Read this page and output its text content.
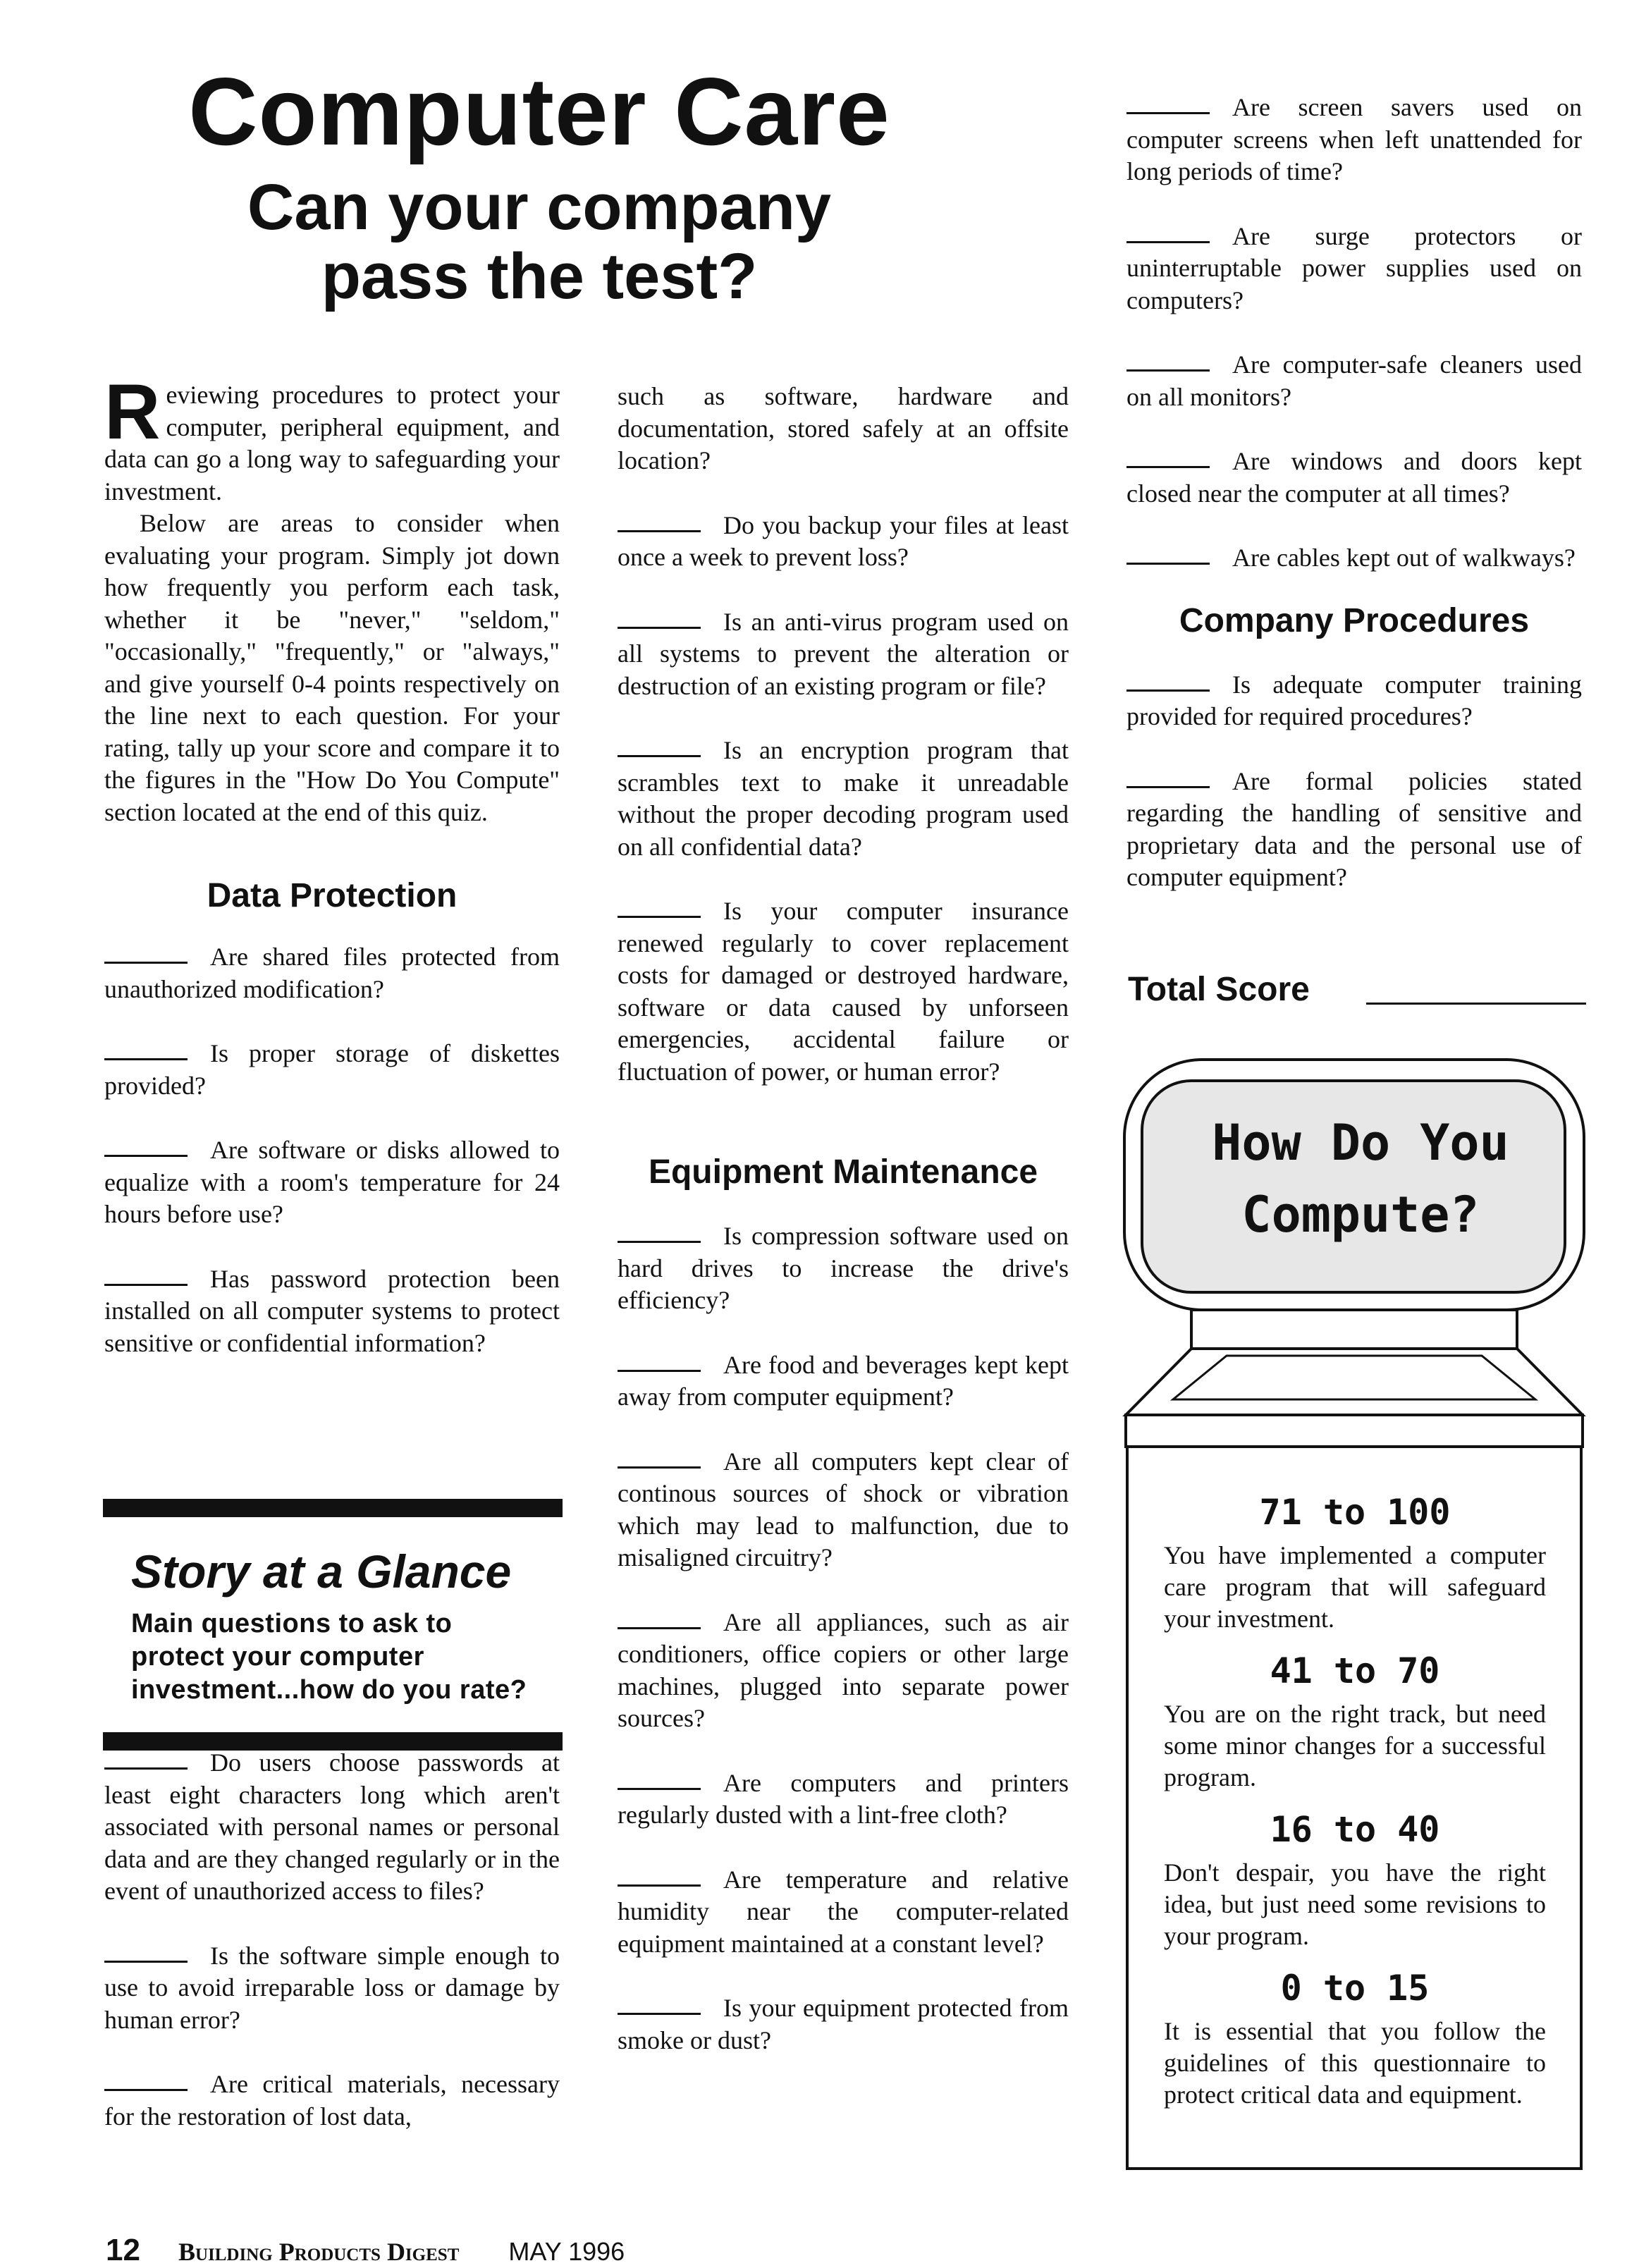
Computer Care
Can your company
pass the test?
Reviewing procedures to protect your computer, peripheral equipment, and data can go a long way to safeguarding your investment.
Below are areas to consider when evaluating your program. Simply jot down how frequently you perform each task, whether it be "never," "seldom," "occasionally," "frequently," or "always," and give yourself 0-4 points respectively on the line next to each question. For your rating, tally up your score and compare it to the figures in the "How Do You Compute" section located at the end of this quiz.
Data Protection

Are shared files protected from unauthorized modification?

Is proper storage of diskettes provided?

Are software or disks allowed to equalize with a room's temperature for 24 hours before use?

Has password protection been installed on all computer systems to protect sensitive or confidential information?

Story at a Glance
Main questions to ask to protect your computer investment...how do you rate?

Do users choose passwords at least eight characters long which aren't associated with personal names or personal data and are they changed regularly or in the event of unauthorized access to files?

Is the software simple enough to use to avoid irreparable loss or damage by human error?

Are critical materials, necessary for the restoration of lost data,

such as software, hardware and documentation, stored safely at an offsite location?

Do you backup your files at least once a week to prevent loss?

Is an anti-virus program used on all systems to prevent the alteration or destruction of an existing program or file?

Is an encryption program that scrambles text to make it unreadable without the proper decoding program used on all confidential data?

Is your computer insurance renewed regularly to cover replacement costs for damaged or destroyed hardware, software or data caused by unforseen emergencies, accidental failure or fluctuation of power, or human error?

Equipment Maintenance

Is compression software used on hard drives to increase the drive's efficiency?

Are food and beverages kept kept away from computer equipment?

Are all computers kept clear of continous sources of shock or vibration which may lead to malfunction, due to misaligned circuitry?

Are all appliances, such as air conditioners, office copiers or other large machines, plugged into separate power sources?

Are computers and printers regularly dusted with a lint-free cloth?

Are temperature and relative humidity near the computer-related equipment maintained at a constant level?

Is your equipment protected from smoke or dust?

Are screen savers used on computer screens when left unattended for long periods of time?

Are surge protectors or uninterruptable power supplies used on computers?

Are computer-safe cleaners used on all monitors?

Are windows and doors kept closed near the computer at all times?

Are cables kept out of walkways?

Company Procedures

Is adequate computer training provided for required procedures?

Are formal policies stated regarding the handling of sensitive and proprietary data and the personal use of computer equipment?

Total Score
How Do You
Compute?
71 to 100
You have implemented a computer care program that will safeguard your investment.
41 to 70
You are on the right track, but need some minor changes for a successful program.
16 to 40
Don't despair, you have the right idea, but just need some revisions to your program.
0 to 15
It is essential that you follow the guidelines of this questionnaire to protect critical data and equipment.
12 Building Products Digest MAY 1996
